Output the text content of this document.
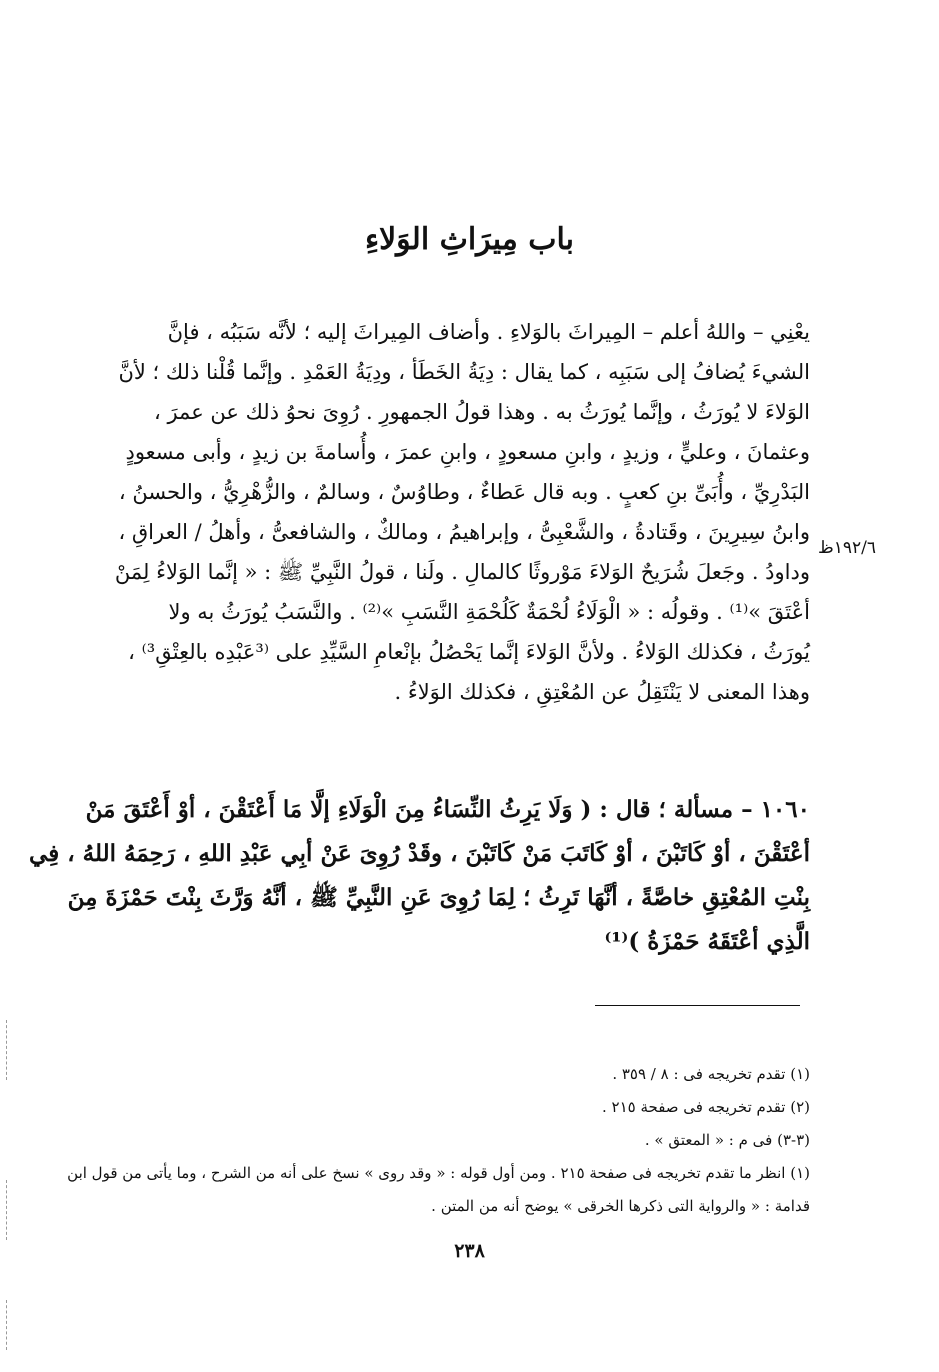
باب مِيرَاثِ الوَلاءِ
١٩٢/٦ظ
يعْنِي – واللهُ أعلم – المِيراثَ بالوَلاءِ . وأضاف المِيراثَ إليه ؛ لأنَّه سَبَبُه ، فإنَّ
الشيءَ يُضافُ إلى سَبَبِه ، كما يقال : دِيَةُ الخَطَأ ، ودِيَةُ العَمْدِ . وإنَّما قُلْنا ذلك ؛ لأنَّ
الوَلاءَ لا يُورَثُ ، وإنَّما يُورَثُ به . وهذا قولُ الجمهورِ . رُوِىَ نحوُ ذلك عن عمرَ ،
وعثمانَ ، وعليٍّ ، وزيدٍ ، وابنِ مسعودٍ ، وابنِ عمرَ ، وأُسامةَ بن زيدٍ ، وأبى مسعودٍ
البَدْرِيِّ ، وأُبَىِّ بنِ كعبٍ . وبه قال عَطاءٌ ، وطاوُسٌ ، وسالمٌ ، والزُّهْرِيُّ ، والحسنُ ،
وابنُ سِيرِينَ ، وقَتادةُ ، والشَّعْبِىُّ ، وإبراهيمُ ، ومالكٌ ، والشافعىُّ ، وأهلُ / العراقِ ،
وداودُ . وجَعلَ شُرَيحٌ الوَلاءَ مَوْروثًا كالمالِ . ولَنا ، قولُ النَّبِيِّ ﷺ : « إنَّما الوَلاءُ لِمَنْ
أعْتَقَ »⁽¹⁾ . وقولُه : « الْوَلَاءُ لُحْمَةٌ كَلُحْمَةِ النَّسَبِ »⁽²⁾ . والنَّسَبُ يُورَثُ به ولا
يُورَثُ ، فكذلك الوَلاءُ . ولأنَّ الوَلاءَ إنَّما يَحْصُلُ بإنْعامِ السَّيِّدِ على ⁽³عَبْدِه بالعِتْقِ³⁾ ،
وهذا المعنى لا يَنْتَقِلُ عن المُعْتِقِ ، فكذلك الوَلاءُ .
١٠٦٠ – مسألة ؛ قال : ( وَلَا يَرِثُ النِّسَاءُ مِنَ الْوَلَاءِ إلَّا مَا أَعْتَقْنَ ، أوْ أَعْتَقَ مَنْ
أعْتَقْنَ ، أوْ كَاتَبْنَ ، أوْ كَاتَبَ مَنْ كَاتَبْنَ ، وقَدْ رُوِىَ عَنْ أبِي عَبْدِ اللهِ ، رَحِمَهُ اللهُ ، فِي
بِنْتِ المُعْتِقِ خاصَّةً ، أنَّهَا تَرِثُ ؛ لِمَا رُوِىَ عَنِ النَّبِيِّ ﷺ ، أنَّهُ وَرَّثَ بِنْتَ حَمْزَةَ مِنَ
الَّذِي أعْتَقَهُ حَمْزَةُ )⁽¹⁾
(١) تقدم تخريجه فى : ٨ / ٣٥٩ .
(٢) تقدم تخريجه فى صفحة ٢١٥ .
(٣-٣) فى م : « المعتق » .
(١) انظر ما تقدم تخريجه فى صفحة ٢١٥ . ومن أول قوله : « وقد روى » نسخ على أنه من الشرح ، وما يأتى من قول ابن
قدامة : « والرواية التى ذكرها الخرقى » يوضح أنه من المتن .
٢٣٨
